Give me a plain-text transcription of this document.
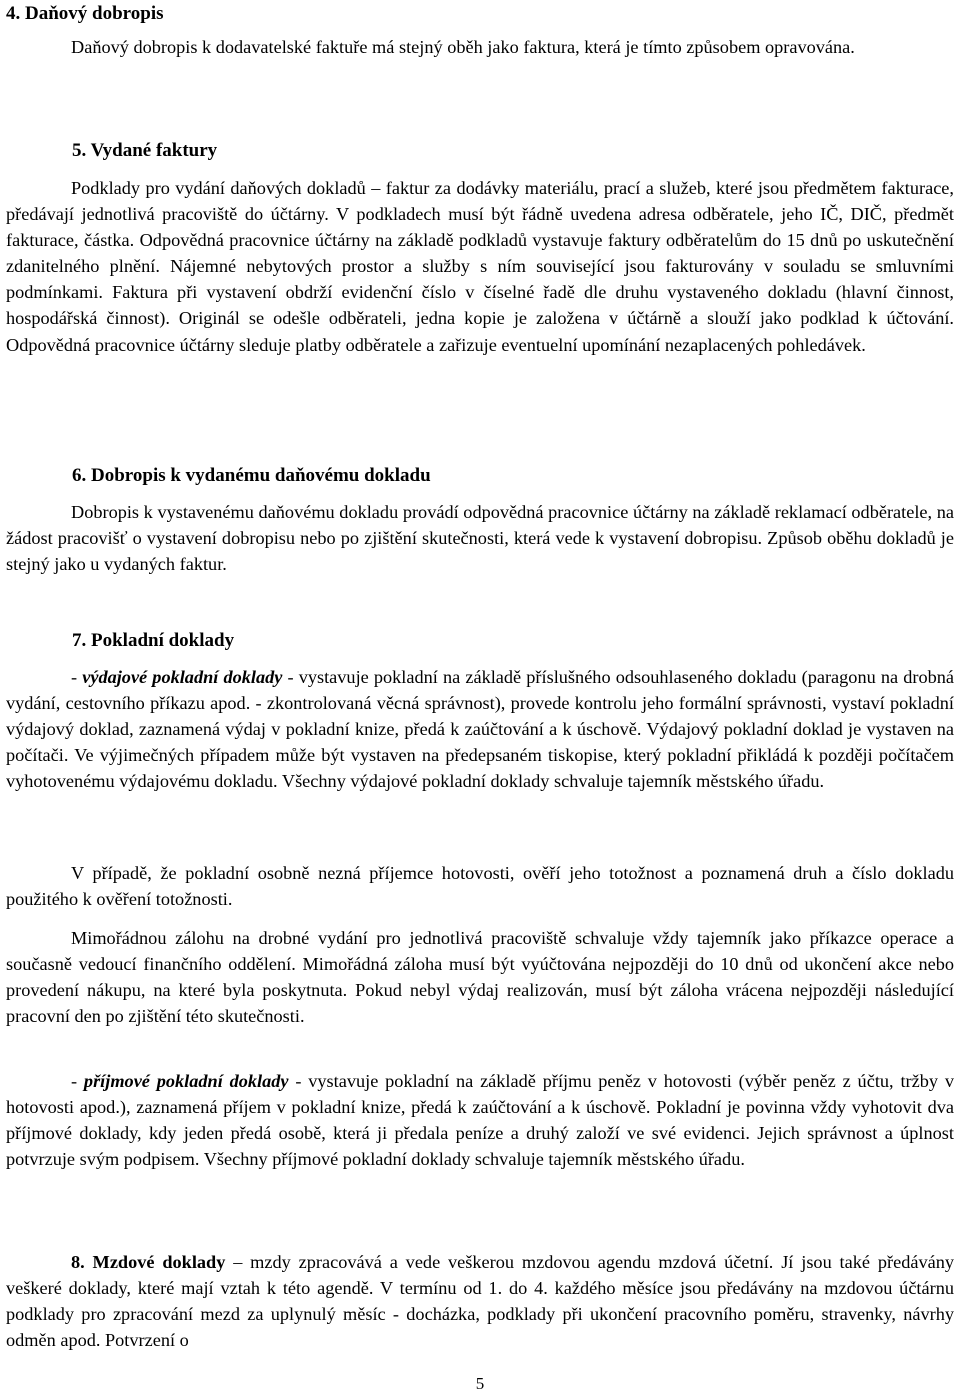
4. Daňový dobropis

Daňový dobropis k dodavatelské faktuře má stejný oběh jako faktura, která je tímto způsobem opravována.

5. Vydané faktury

Podklady pro vydání daňových dokladů – faktur za dodávky materiálu, prací a služeb, které jsou předmětem fakturace, předávají jednotlivá pracoviště do účtárny. V podkladech musí být řádně uvedena adresa odběratele, jeho IČ, DIČ, předmět fakturace, částka. Odpovědná pracovnice účtárny na základě podkladů vystavuje faktury odběratelům do 15 dnů po uskutečnění zdanitelného plnění. Nájemné nebytových prostor a služby s ním související jsou fakturovány v souladu se smluvními podmínkami. Faktura při vystavení obdrží evidenční číslo v číselné řadě dle druhu vystaveného dokladu (hlavní činnost, hospodářská činnost). Originál se odešle odběrateli, jedna kopie je založena v účtárně a slouží jako podklad k účtování. Odpovědná pracovnice účtárny sleduje platby odběratele a zařizuje eventuelní upomínání nezaplacených pohledávek.

6. Dobropis k vydanému daňovému dokladu

Dobropis k vystavenému daňovému dokladu provádí odpovědná pracovnice účtárny na základě reklamací odběratele, na žádost pracovišť o vystavení dobropisu nebo po zjištění skutečnosti, která vede k vystavení dobropisu. Způsob oběhu dokladů je stejný jako u vydaných faktur.

7. Pokladní doklady

- výdajové pokladní doklady - vystavuje pokladní na základě příslušného odsouhlaseného dokladu (paragonu na drobná vydání, cestovního příkazu apod. - zkontrolovaná věcná správnost), provede kontrolu jeho formální správnosti, vystaví pokladní výdajový doklad, zaznamená výdaj v pokladní knize, předá k zaúčtování a k úschově. Výdajový pokladní doklad je vystaven na počítači. Ve výjimečných případem může být vystaven na předepsaném tiskopise, který pokladní přikládá k později počítačem vyhotovenému výdajovému dokladu. Všechny výdajové pokladní doklady schvaluje tajemník městského úřadu.

V případě, že pokladní osobně nezná příjemce hotovosti, ověří jeho totožnost a poznamená druh a číslo dokladu použitého k ověření totožnosti.

Mimořádnou zálohu na drobné vydání pro jednotlivá pracoviště schvaluje vždy tajemník jako příkazce operace a současně vedoucí finančního oddělení. Mimořádná záloha musí být vyúčtována nejpozději do 10 dnů od ukončení akce nebo provedení nákupu, na které byla poskytnuta. Pokud nebyl výdaj realizován, musí být záloha vrácena nejpozději následující pracovní den po zjištění této skutečnosti.

- příjmové pokladní doklady - vystavuje pokladní na základě příjmu peněz v hotovosti (výběr peněz z účtu, tržby v hotovosti apod.), zaznamená příjem v pokladní knize, předá k zaúčtování a k úschově. Pokladní je povinna vždy vyhotovit dva příjmové doklady, kdy jeden předá osobě, která ji předala peníze a druhý založí ve své evidenci. Jejich správnost a úplnost potvrzuje svým podpisem. Všechny příjmové pokladní doklady schvaluje tajemník městského úřadu.

8. Mzdové doklady – mzdy zpracovává a vede veškerou mzdovou agendu mzdová účetní. Jí jsou také předávány veškeré doklady, které mají vztah k této agendě. V termínu od 1. do 4. každého měsíce jsou předávány na mzdovou účtárnu podklady pro zpracování mezd za uplynulý měsíc - docházka, podklady při ukončení pracovního poměru, stravenky, návrhy odměn apod. Potvrzení o

5
